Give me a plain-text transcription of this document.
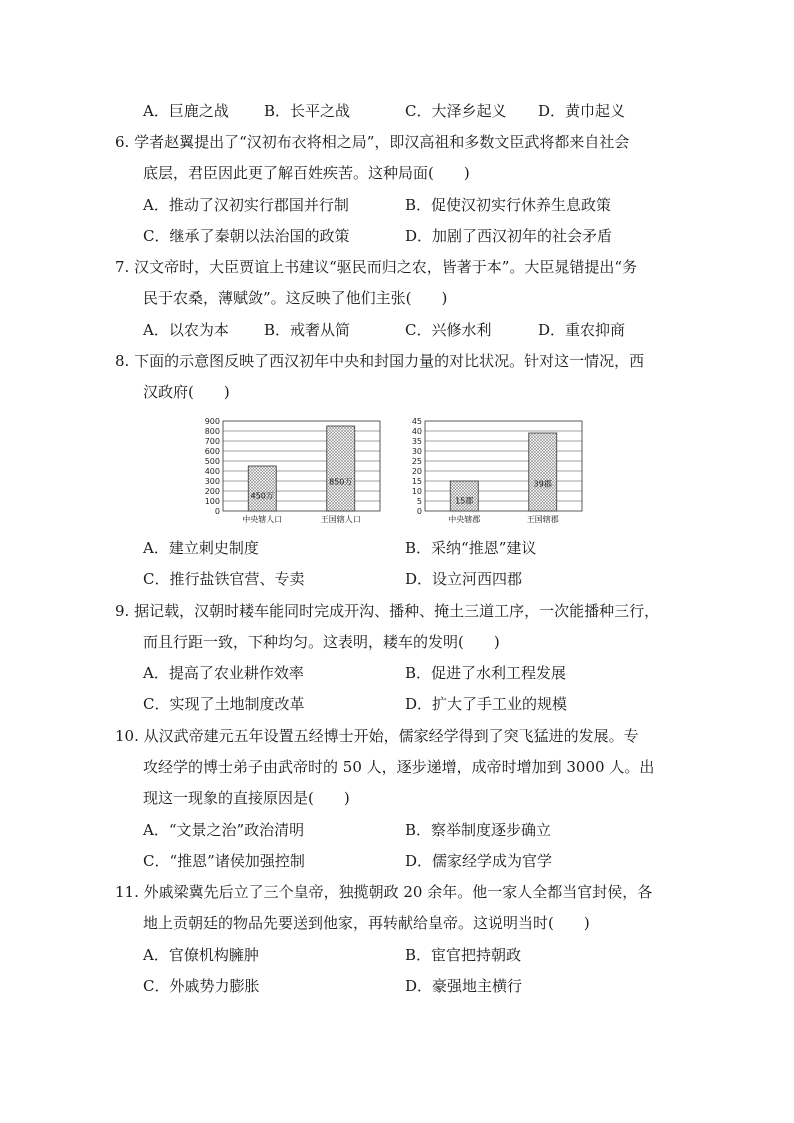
A．巨鹿之战 B．长平之战	C．大泽乡起义 D．黄巾起义
6. 学者赵翼提出了“汉初布衣将相之局”，即汉高祖和多数文臣武将都来自社会
底层，君臣因此更了解百姓疾苦。这种局面(　　)
A．推动了汉初实行郡国并行制	B．促使汉初实行休养生息政策
C．继承了秦朝以法治国的政策	D．加剧了西汉初年的社会矛盾
7. 汉文帝时，大臣贾谊上书建议“驱民而归之农，皆著于本”。大臣晁错提出“务
民于农桑，薄赋敛”。这反映了他们主张(　　)
A．以农为本 B．戒奢从简	C．兴修水利	D．重农抑商
8. 下面的示意图反映了西汉初年中央和封国力量的对比状况。针对这一情况，西
汉政府(　　)
0
100
200
300
400
500
600
700
800
900
450万
中央辖人口
850万
王国辖人口
0
5
10
15
20
25
30
35
40
45
15郡
中央辖郡
39郡
王国辖郡
A．建立刺史制度	B．采纳“推恩”建议
C．推行盐铁官营、专卖	D．设立河西四郡
9. 据记载，汉朝时耧车能同时完成开沟、播种、掩土三道工序，一次能播种三行，
而且行距一致，下种均匀。这表明，耧车的发明(　　)
A．提高了农业耕作效率	B．促进了水利工程发展
C．实现了土地制度改革	D．扩大了手工业的规模
10. 从汉武帝建元五年设置五经博士开始，儒家经学得到了突飞猛进的发展。专
攻经学的博士弟子由武帝时的 50 人，逐步递增，成帝时增加到 3000 人。出
现这一现象的直接原因是(　　)
A．“文景之治”政治清明	B．察举制度逐步确立
C．“推恩”诸侯加强控制	D．儒家经学成为官学
11. 外戚梁冀先后立了三个皇帝，独揽朝政 20 余年。他一家人全都当官封侯，各
地上贡朝廷的物品先要送到他家，再转献给皇帝。这说明当时(　　)
A．官僚机构臃肿	B．宦官把持朝政
C．外戚势力膨胀	D．豪强地主横行
